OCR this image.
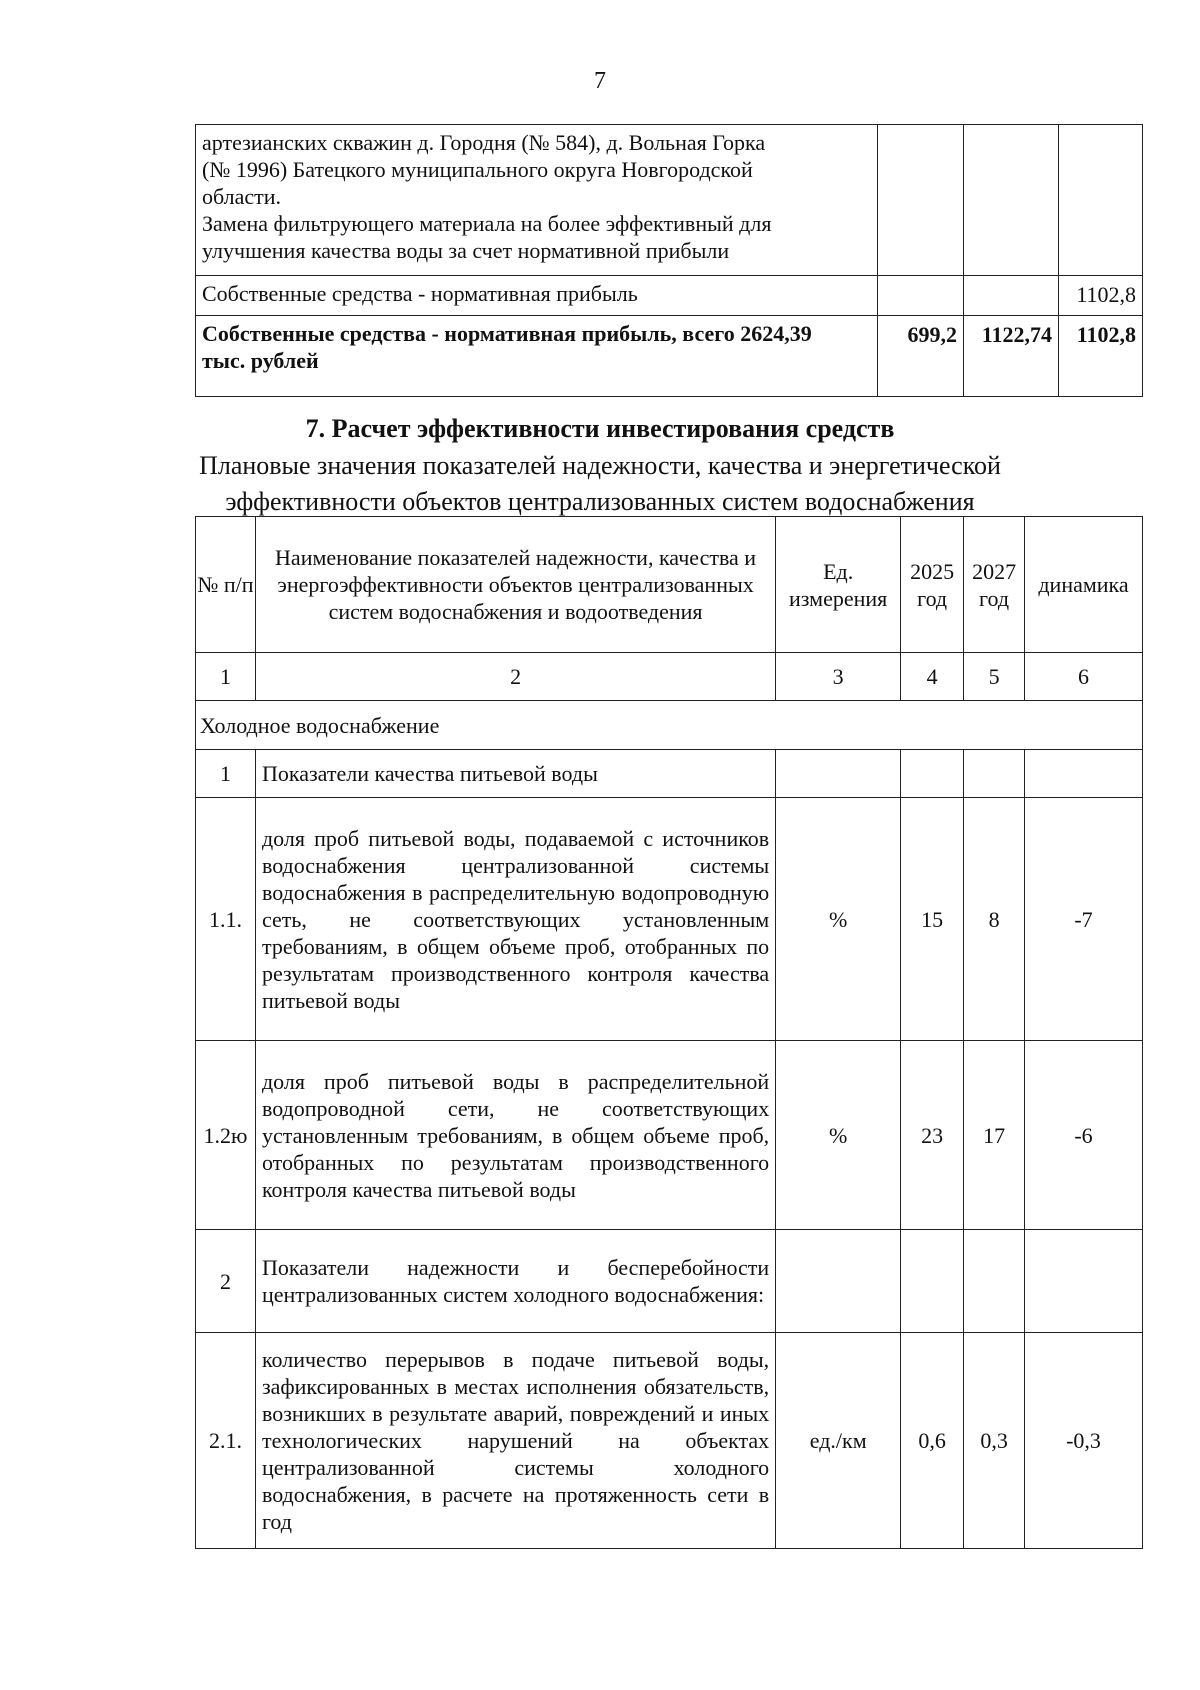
7
артезианских скважин д. Городня (№ 584), д. Вольная Горка
(№ 1996) Батецкого муниципального округа Новгородской
области.
Замена фильтрующего материала на более эффективный для
улучшения качества воды за счет нормативной прибыли			

Собственные средства - нормативная прибыль			1102,8

Собственные средства - нормативная прибыль, всего 2624,39
тыс. рублей	699,2	1122,74	1102,8
7. Расчет эффективности инвестирования средств
Плановые значения показателей надежности, качества и энергетической эффективности объектов централизованных систем водоснабжения
№ п/п	Наименование показателей надежности, качества и энергоэффективности объектов централизованных систем водоснабжения и водоотведения	Ед. измерения	2025 год	2027 год	динамика
1	2	3	4	5	6
Холодное водоснабжение					
1	Показатели качества питьевой воды				
1.1.	доля проб питьевой воды, подаваемой с источников водоснабжения централизованной системы водоснабжения в распределительную водопроводную сеть, не соответствующих установленным требованиям, в общем объеме проб, отобранных по результатам производственного контроля качества питьевой воды	%	15	8	-7
1.2ю	доля проб питьевой воды в распределительной водопроводной сети, не соответствующих установленным требованиям, в общем объеме проб, отобранных по результатам производственного контроля качества питьевой воды	%	23	17	-6
2	Показатели надежности и бесперебойности централизованных систем холодного водоснабжения:				
2.1.	количество перерывов в подаче питьевой воды, зафиксированных в местах исполнения обязательств, возникших в результате аварий, повреждений и иных технологических нарушений на объектах централизованной системы холодного водоснабжения, в расчете на протяженность сети в год	ед./км	0,6	0,3	-0,3
